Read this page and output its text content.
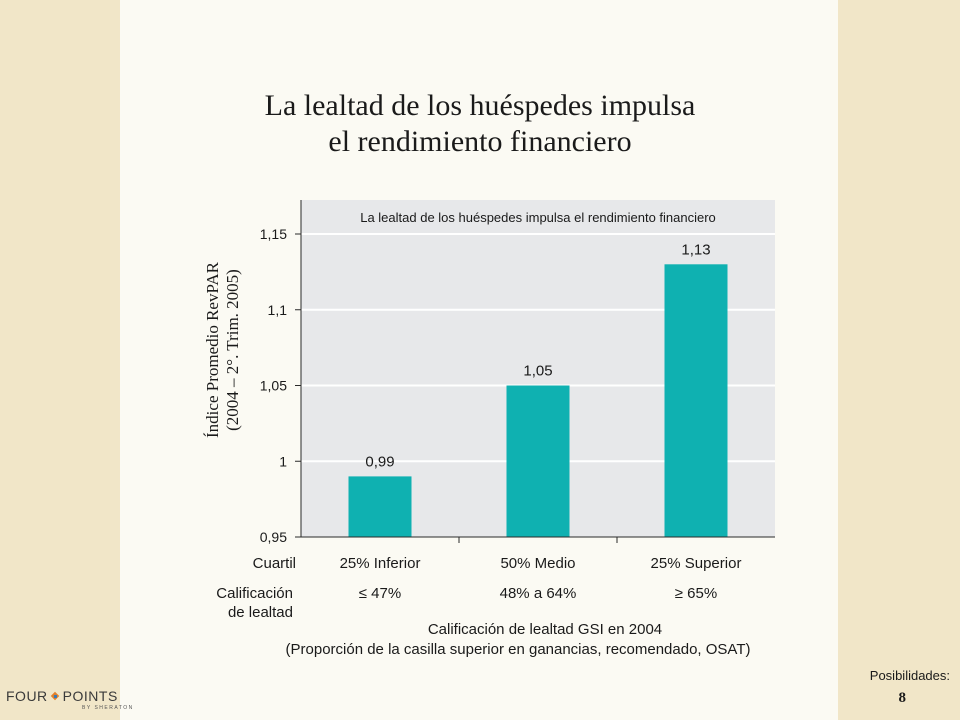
La lealtad de los huéspedes impulsa
el rendimiento financiero
La lealtad de los huéspedes impulsa el rendimiento financiero
0,99
1,05
1,13
0,95
1
1,05
1,1
1,15
Índice Promedio RevPAR (2004 – 2°. Trim. 2005)
25% Inferior
≤ 47%
50% Medio
48% a 64%
25% Superior
≥ 65%
Cuartil
Calificación
de lealtad
Calificación de lealtad GSI en 2004
(Proporción de la casilla superior en ganancias, recomendado, OSAT)
FOUR POINTS
BY SHERATON
Posibilidades:
8
